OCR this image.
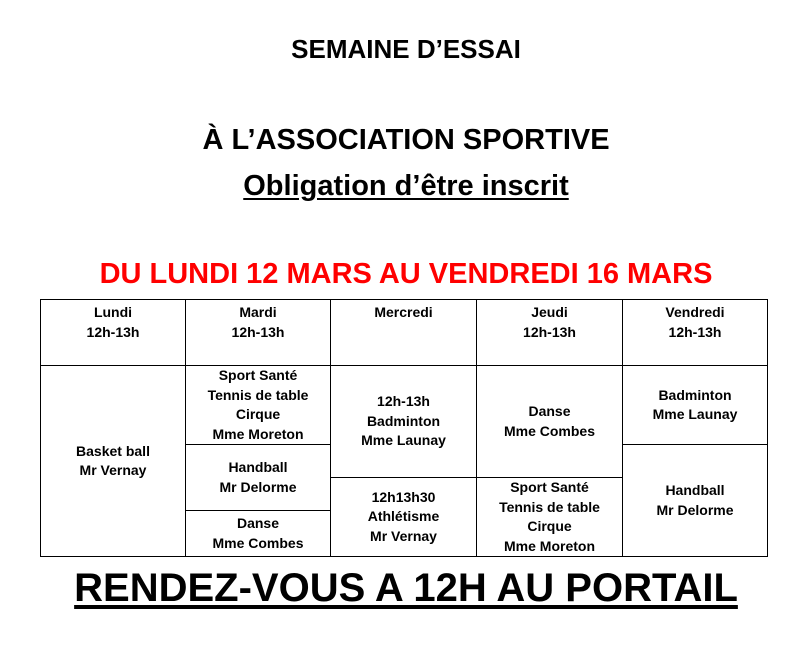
SEMAINE D’ESSAI
À L’ASSOCIATION SPORTIVE
Obligation d’être inscrit
DU LUNDI 12 MARS AU VENDREDI 16 MARS
Lundi
12h-13h
Mardi
12h-13h
Mercredi	Jeudi
12h-13h
Vendredi
12h-13h
Basket ball
Mr Vernay
Sport Santé
Tennis de table
Cirque
Mme Moreton
Handball
Mr Delorme
Danse
Mme Combes
12h-13h
Badminton
Mme Launay
12h13h30
Athlétisme
Mr Vernay
Danse
Mme Combes
Sport Santé
Tennis de table
Cirque
Mme Moreton
Badminton
Mme Launay
Handball
Mr Delorme
RENDEZ-VOUS A 12H AU PORTAIL
